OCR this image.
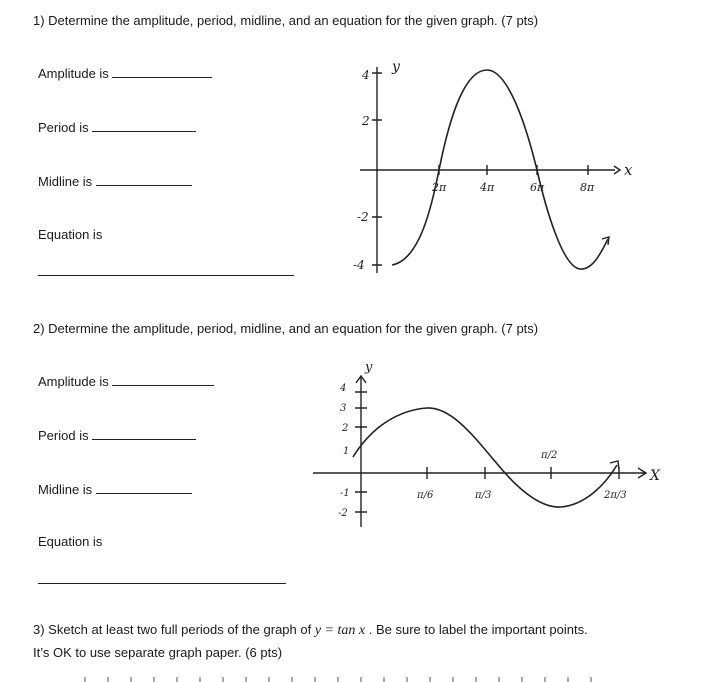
1) Determine the amplitude, period, midline, and an equation for the given graph. (7 pts)
Amplitude is
Period is
Midline is
Equation is
y
x
4
2
-2
-4
2π	4π	6π	8π
2) Determine the amplitude, period, midline, and an equation for the given graph. (7 pts)
Amplitude is
Period is
Midline is
Equation is
y
X
4
3
2
1
-1
-2
π/6	π/3
π/2
2π/3
3) Sketch at least two full periods of the graph of y = tan x . Be sure to label the important points.
It’s OK to use separate graph paper. (6 pts)
